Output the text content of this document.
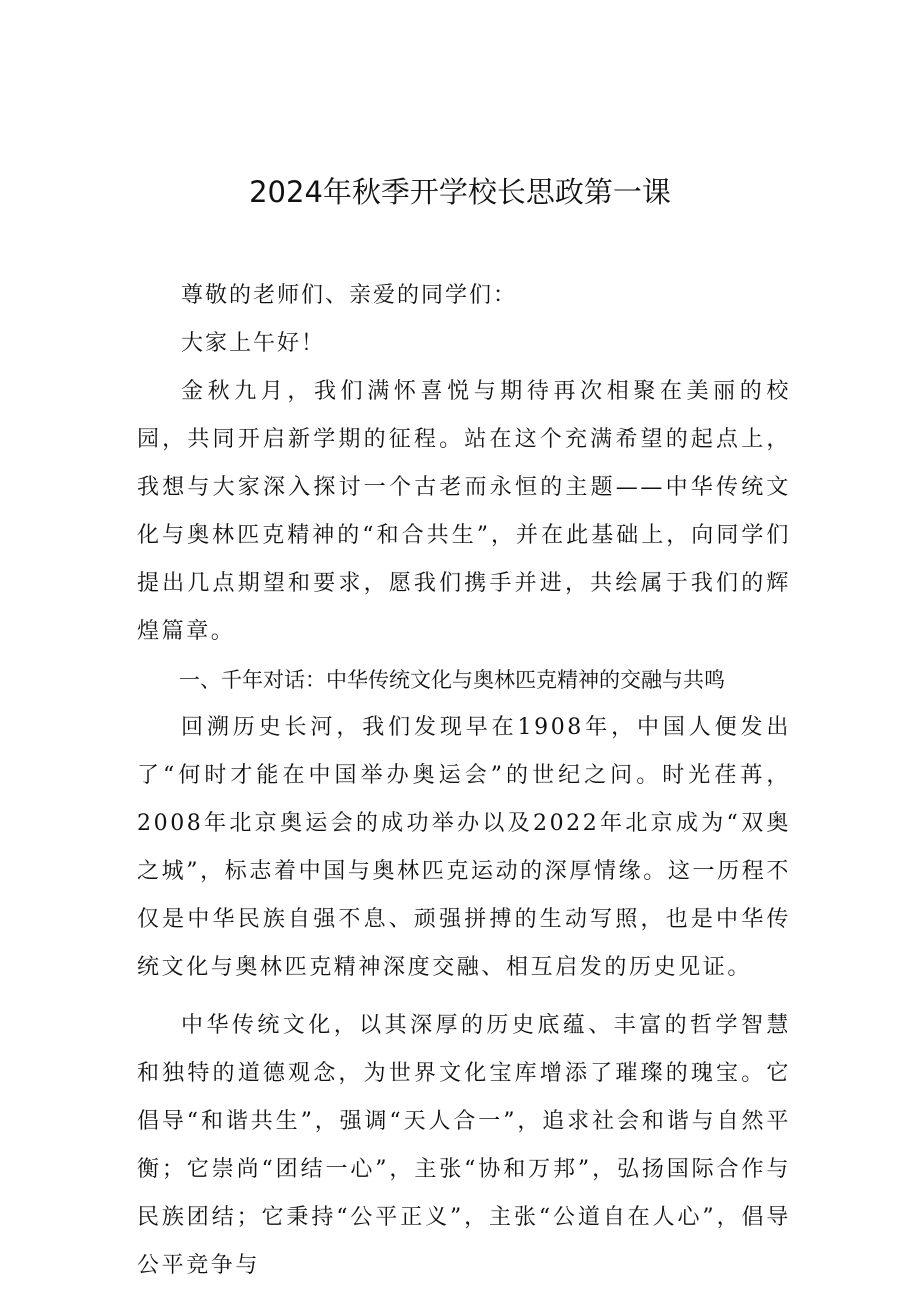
2024年秋季开学校长思政第一课

尊敬的老师们、亲爱的同学们：

大家上午好！

金秋九月，我们满怀喜悦与期待再次相聚在美丽的校园，共同开启新学期的征程。站在这个充满希望的起点上，我想与大家深入探讨一个古老而永恒的主题——中华传统文化与奥林匹克精神的“和合共生”，并在此基础上，向同学们提出几点期望和要求，愿我们携手并进，共绘属于我们的辉煌篇章。

一、千年对话：中华传统文化与奥林匹克精神的交融与共鸣

回溯历史长河，我们发现早在1908年，中国人便发出了“何时才能在中国举办奥运会”的世纪之问。时光荏苒，2008年北京奥运会的成功举办以及2022年北京成为“双奥之城”，标志着中国与奥林匹克运动的深厚情缘。这一历程不仅是中华民族自强不息、顽强拼搏的生动写照，也是中华传统文化与奥林匹克精神深度交融、相互启发的历史见证。

中华传统文化，以其深厚的历史底蕴、丰富的哲学智慧和独特的道德观念，为世界文化宝库增添了璀璨的瑰宝。它倡导“和谐共生”，强调“天人合一”，追求社会和谐与自然平衡；它崇尚“团结一心”，主张“协和万邦”，弘扬国际合作与民族团结；它秉持“公平正义”，主张“公道自在人心”，倡导公平竞争与
